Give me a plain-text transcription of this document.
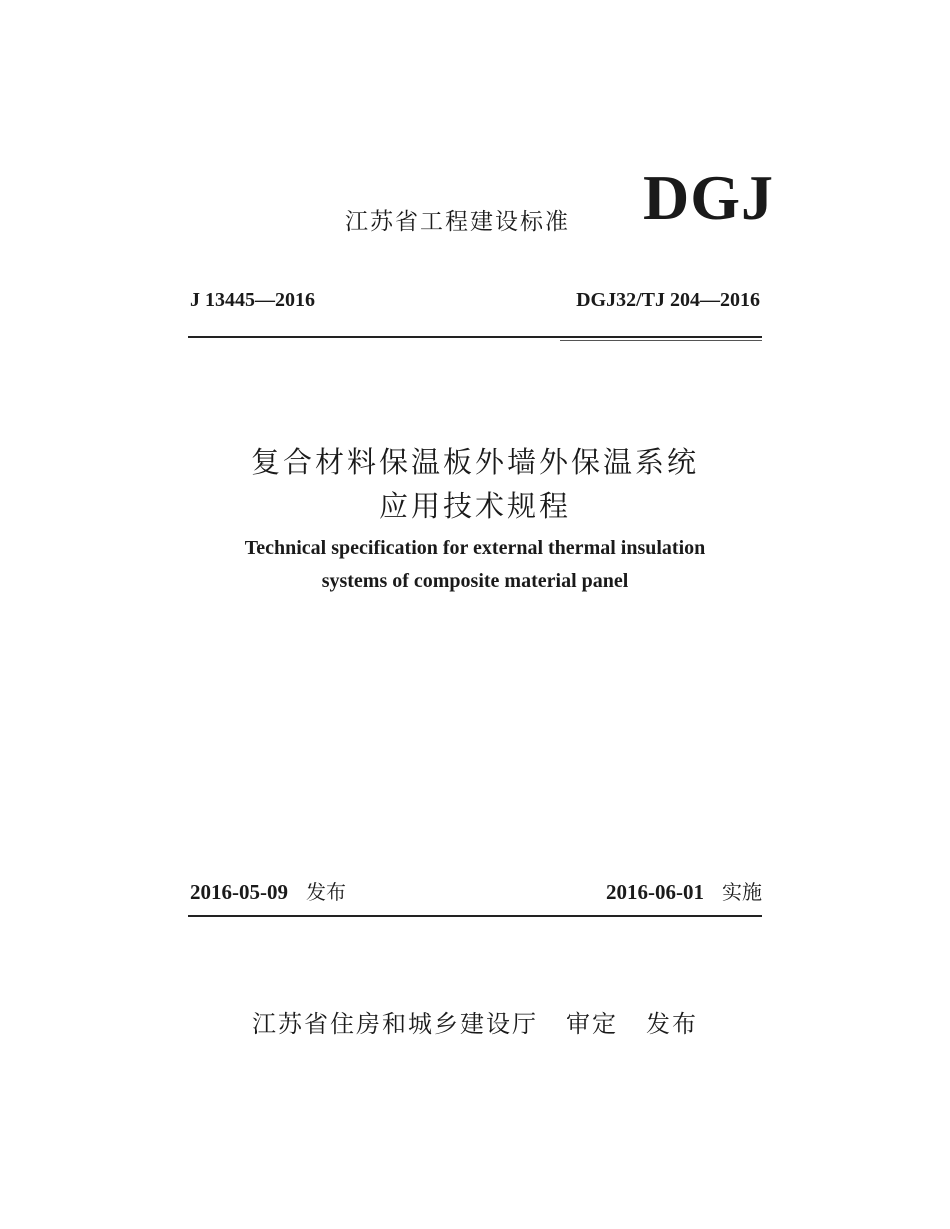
江苏省工程建设标准 DGJ
J 13445—2016	DGJ32/TJ 204—2016
复合材料保温板外墙外保温系统
应用技术规程
Technical specification for external thermal insulation
systems of composite material panel
2016-05-09 发布	2016-06-01 实施
江苏省住房和城乡建设厅 审定 发布
